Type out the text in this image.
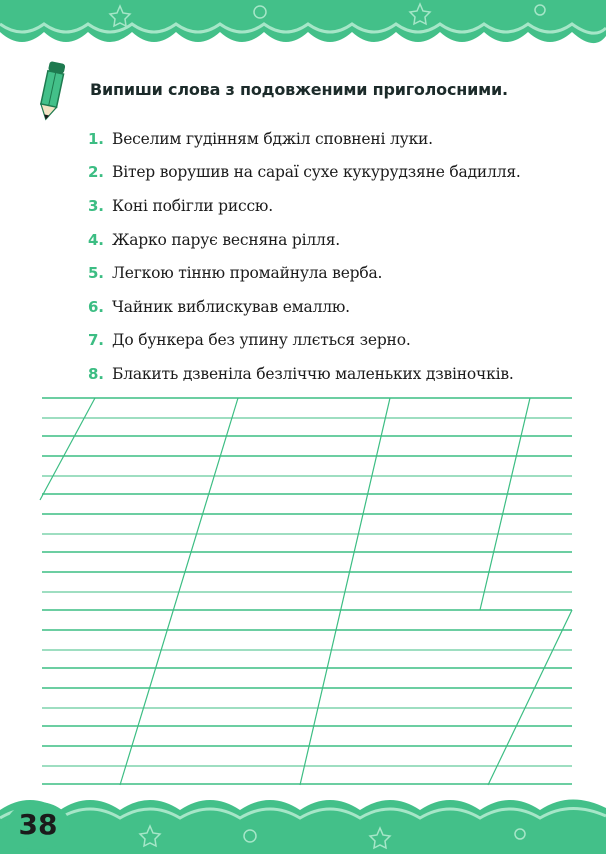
Випиши слова з подовженими приголосними.
1. Веселим гудінням бджіл сповнені луки.
2. Вітер ворушив на сараї сухе кукурудзяне бадилля.
3. Коні побігли риссю.
4. Жарко парує весняна рілля.
5. Легкою тінню промайнула верба.
6. Чайник виблискував емаллю.
7. До бункера без упину ллється зерно.
8. Блакить дзвеніла безліччю маленьких дзвіночків.
38
